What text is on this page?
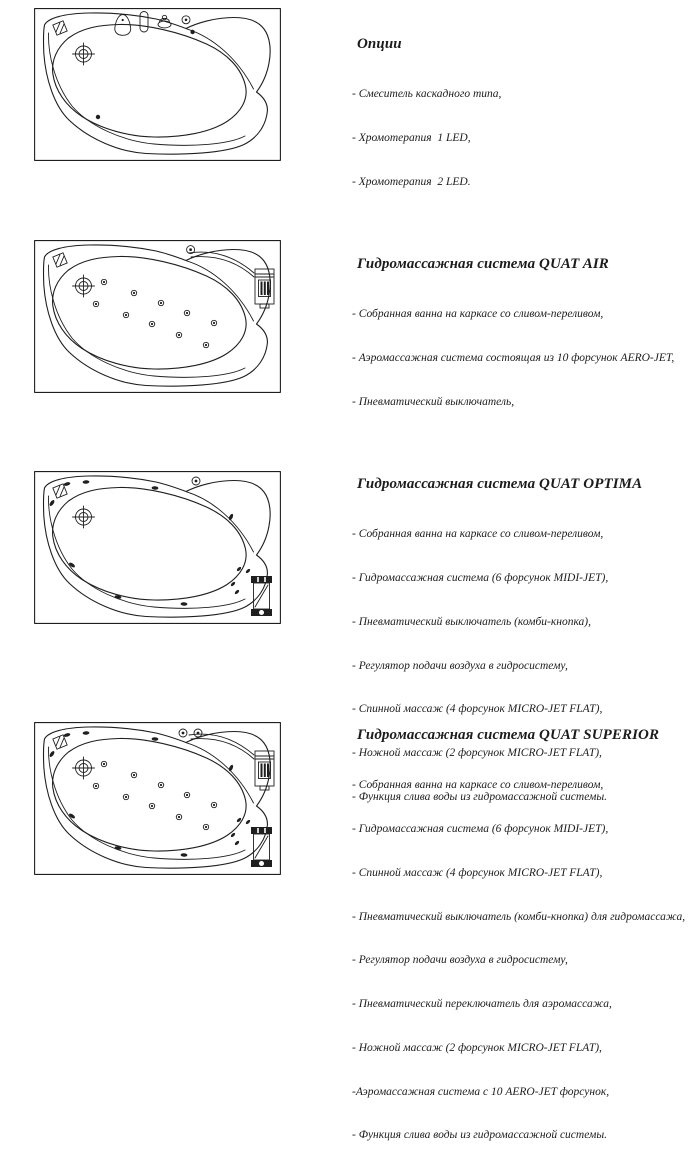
Опции

- Смеситель каскадного типа,

- Хромотерапия  1 LED,

- Хромотерапия  2 LED.

Гидромассажная система QUAT AIR

- Собранная ванна на каркасе со сливом-переливом,

- Аэромассажная система состоящая из 10 форсунок AERO-JET,

- Пневматический выключатель,

Гидромассажная система QUAT OPTIMA

- Собранная ванна на каркасе со сливом-переливом,

- Гидромассажная система (6 форсунок MIDI-JET),

- Пневматический выключатель (комби-кнопка),

- Регулятор подачи воздуха в гидросистему,

- Спинной массаж (4 форсунок MICRO-JET FLAT),

- Ножной массаж (2 форсунок MICRO-JET FLAT),

- Функция слива воды из гидромассажной системы.

Гидромассажная система QUAT SUPERIOR

- Собранная ванна на каркасе со сливом-переливом,

- Гидромассажная система (6 форсунок MIDI-JET),

- Спинной массаж (4 форсунок MICRO-JET FLAT),

- Пневматический выключатель (комби-кнопка) для гидромассажа,

- Регулятор подачи воздуха в гидросистему,

- Пневматический переключатель для аэромассажа,

- Ножной массаж (2 форсунок MICRO-JET FLAT),

-Аэромассажная система с 10 AERO-JET форсунок,

- Функция слива воды из гидромассажной системы.
